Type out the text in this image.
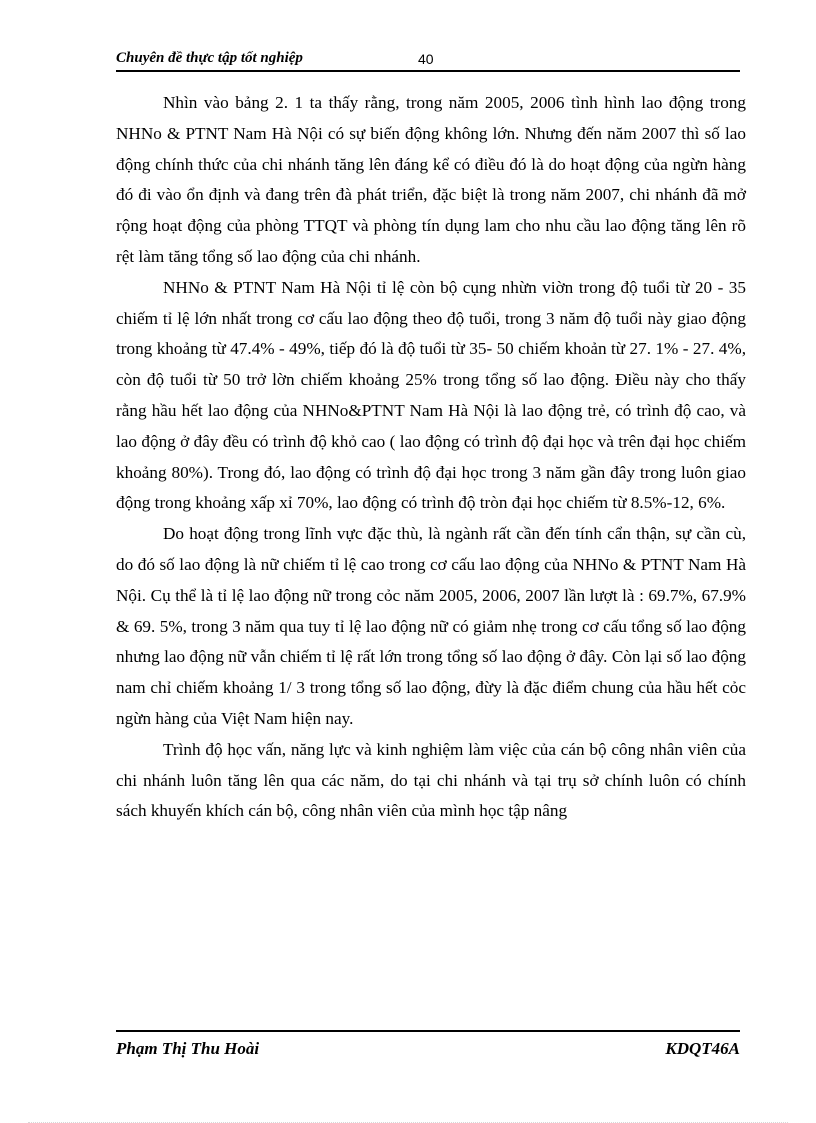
Chuyên đề thực tập tốt nghiệp	40

Nhìn vào bảng 2. 1 ta thấy rằng, trong năm 2005, 2006 tình hình lao động trong NHNo & PTNT Nam Hà Nội có sự biến động không lớn. Nhưng đến năm 2007 thì số lao động chính thức của chi nhánh tăng lên đáng kể có điều đó là do hoạt động của ngừn hàng đó đi vào ổn định và đang trên đà phát triển, đặc biệt là trong năm 2007, chi nhánh đã mở rộng hoạt động của phòng TTQT và phòng tín dụng lam cho nhu cầu lao động tăng lên rõ rệt làm tăng tổng số lao động của chi nhánh.

NHNo & PTNT Nam Hà Nội tỉ lệ còn bộ cụng nhừn viờn trong độ tuổi từ 20 - 35 chiếm tỉ lệ lớn nhất trong cơ cấu lao động theo độ tuổi, trong 3 năm độ tuổi này giao động trong khoảng từ 47.4% - 49%, tiếp đó là độ tuổi từ 35- 50 chiếm khoản từ 27. 1% - 27. 4%, còn độ tuổi từ 50 trở lờn chiếm khoảng 25% trong tổng số lao động. Điều này cho thấy rằng hầu hết lao động của NHNo&PTNT Nam Hà Nội là lao động trẻ, có trình độ cao, và lao động ở đây đều có trình độ khỏ cao ( lao động có trình độ đại học và trên đại học chiếm khoảng 80%). Trong đó, lao động có trình độ đại học trong 3 năm gần đây trong luôn giao động trong khoảng xấp xỉ 70%, lao động có trình độ tròn đại học chiếm từ 8.5%-12, 6%.

Do hoạt động trong lĩnh vực đặc thù, là ngành rất cần đến tính cẩn thận, sự cần cù, do đó số lao động là nữ chiếm tỉ lệ cao trong cơ cấu lao động của NHNo & PTNT Nam Hà Nội. Cụ thể là tỉ lệ lao động nữ trong cỏc năm 2005, 2006, 2007 lần lượt là : 69.7%, 67.9% & 69. 5%, trong 3 năm qua tuy tỉ lệ lao động nữ có giảm nhẹ trong cơ cấu tổng số lao động nhưng lao động nữ vẫn chiếm tỉ lệ rất lớn trong tổng số lao động ở đây. Còn lại số lao động nam chỉ chiếm khoảng 1/ 3 trong tổng số lao động, đừy là đặc điểm chung của hầu hết cỏc ngừn hàng của Việt Nam hiện nay.

Trình độ học vấn, năng lực và kinh nghiệm làm việc của cán bộ công nhân viên của chi nhánh luôn tăng lên qua các năm, do tại chi nhánh và tại trụ sở chính luôn có chính sách khuyến khích cán bộ, công nhân viên của mình học tập nâng

Phạm Thị Thu Hoài	KDQT46A
